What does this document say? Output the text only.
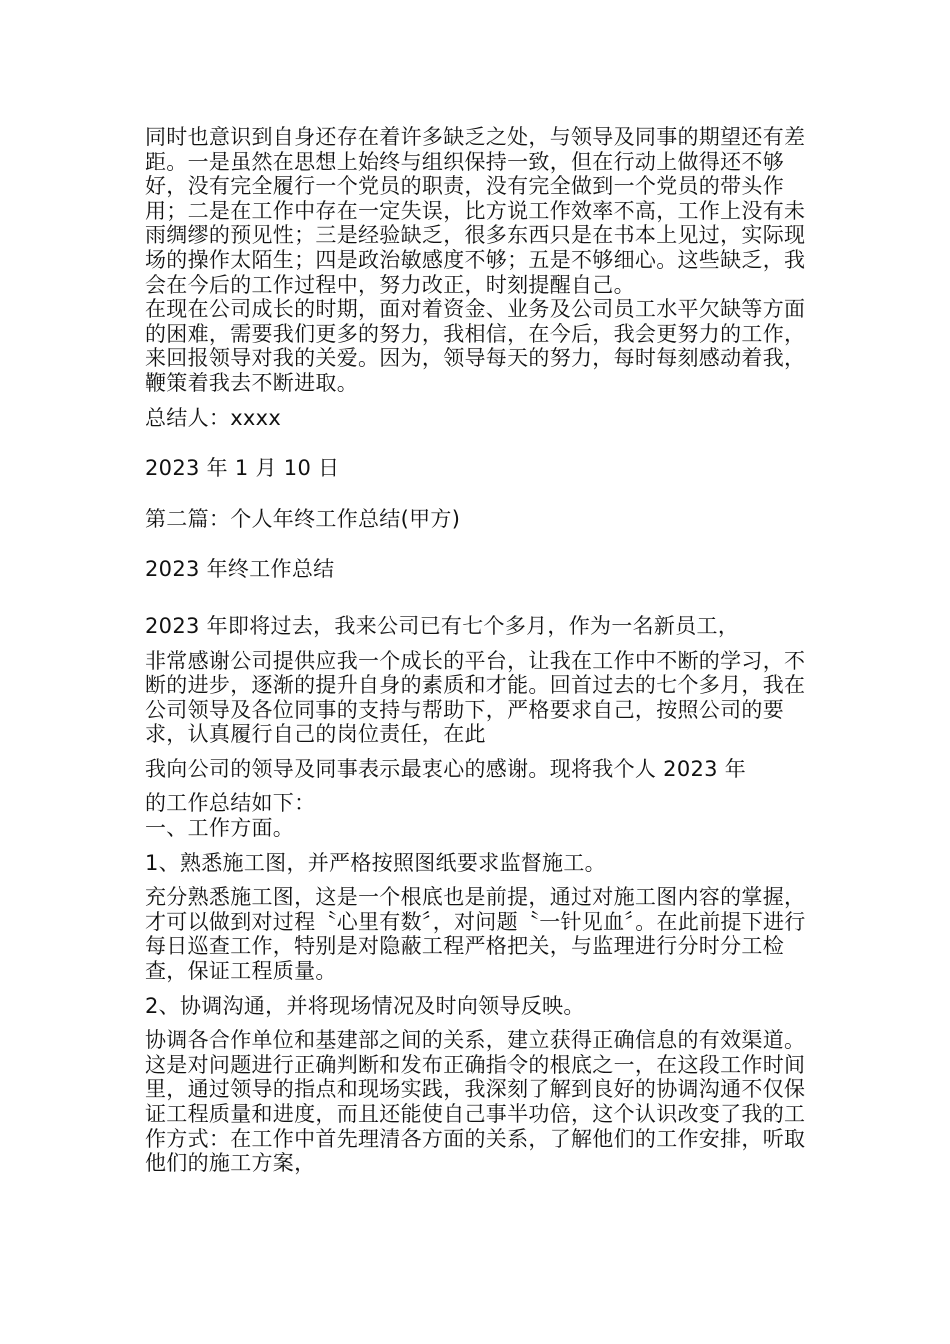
同时也意识到自身还存在着许多缺乏之处，与领导及同事的期望还有差距。一是虽然在思想上始终与组织保持一致，但在行动上做得还不够好，没有完全履行一个党员的职责，没有完全做到一个党员的带头作用；二是在工作中存在一定失误，比方说工作效率不高，工作上没有未雨绸缪的预见性；三是经验缺乏，很多东西只是在书本上见过，实际现场的操作太陌生；四是政治敏感度不够；五是不够细心。这些缺乏，我会在今后的工作过程中，努力改正，时刻提醒自己。

在现在公司成长的时期，面对着资金、业务及公司员工水平欠缺等方面的困难，需要我们更多的努力，我相信，在今后，我会更努力的工作，来回报领导对我的关爱。因为，领导每天的努力，每时每刻感动着我，鞭策着我去不断进取。

总结人：xxxx

2023 年 1 月 10 日

第二篇：个人年终工作总结(甲方)

2023 年终工作总结

2023 年即将过去，我来公司已有七个多月，作为一名新员工，

非常感谢公司提供应我一个成长的平台，让我在工作中不断的学习，不断的进步，逐渐的提升自身的素质和才能。回首过去的七个多月，我在公司领导及各位同事的支持与帮助下，严格要求自己，按照公司的要求，认真履行自己的岗位责任，在此

我向公司的领导及同事表示最衷心的感谢。现将我个人 2023 年

的工作总结如下：

一、工作方面。

1、熟悉施工图，并严格按照图纸要求监督施工。

充分熟悉施工图，这是一个根底也是前提，通过对施工图内容的掌握，才可以做到对过程〝心里有数〞，对问题〝一针见血〞。在此前提下进行每日巡查工作，特别是对隐蔽工程严格把关，与监理进行分时分工检查，保证工程质量。

2、协调沟通，并将现场情况及时向领导反映。

协调各合作单位和基建部之间的关系，建立获得正确信息的有效渠道。这是对问题进行正确判断和发布正确指令的根底之一，在这段工作时间里，通过领导的指点和现场实践，我深刻了解到良好的协调沟通不仅保证工程质量和进度，而且还能使自己事半功倍，这个认识改变了我的工作方式：在工作中首先理清各方面的关系，了解他们的工作安排，听取他们的施工方案，
